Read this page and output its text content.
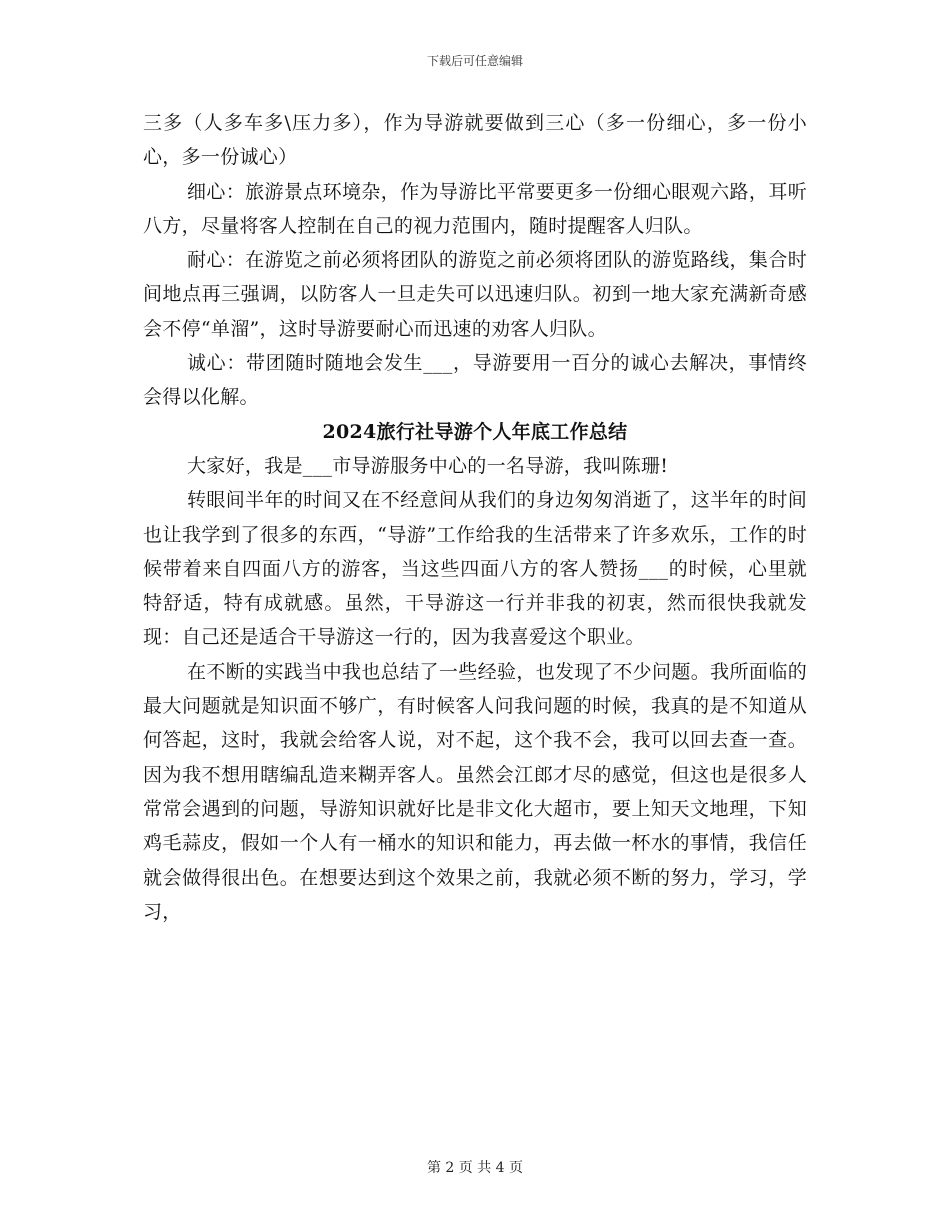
下载后可任意编辑

三多（人多车多\压力多），作为导游就要做到三心（多一份细心，多一份小心，多一份诚心）

细心：旅游景点环境杂，作为导游比平常要更多一份细心眼观六路，耳听八方，尽量将客人控制在自己的视力范围内，随时提醒客人归队。

耐心：在游览之前必须将团队的游览之前必须将团队的游览路线，集合时间地点再三强调，以防客人一旦走失可以迅速归队。初到一地大家充满新奇感会不停“单溜”，这时导游要耐心而迅速的劝客人归队。

诚心：带团随时随地会发生___，导游要用一百分的诚心去解决，事情终会得以化解。

2024旅行社导游个人年底工作总结

大家好，我是___市导游服务中心的一名导游，我叫陈珊!

转眼间半年的时间又在不经意间从我们的身边匆匆消逝了，这半年的时间也让我学到了很多的东西，“导游”工作给我的生活带来了许多欢乐，工作的时候带着来自四面八方的游客，当这些四面八方的客人赞扬___的时候，心里就特舒适，特有成就感。虽然，干导游这一行并非我的初衷，然而很快我就发现：自己还是适合干导游这一行的，因为我喜爱这个职业。

在不断的实践当中我也总结了一些经验，也发现了不少问题。我所面临的最大问题就是知识面不够广，有时候客人问我问题的时候，我真的是不知道从何答起，这时，我就会给客人说，对不起，这个我不会，我可以回去查一查。因为我不想用瞎编乱造来糊弄客人。虽然会江郎才尽的感觉，但这也是很多人常常会遇到的问题，导游知识就好比是非文化大超市，要上知天文地理，下知鸡毛蒜皮，假如一个人有一桶水的知识和能力，再去做一杯水的事情，我信任就会做得很出色。在想要达到这个效果之前，我就必须不断的努力，学习，学习，

第 2 页 共 4 页
